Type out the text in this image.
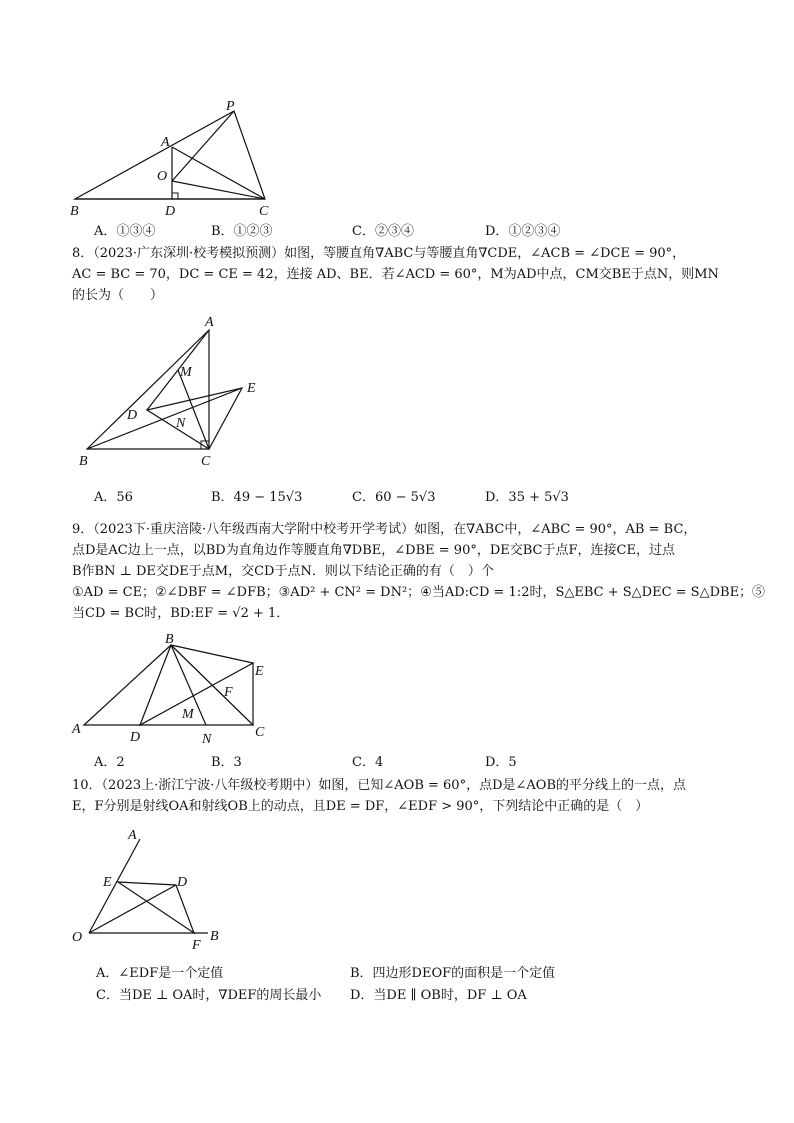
P
A
O
B	D	C
A．①③④	B．①②③	C．②③④	D．①②③④
8．（2023·广东深圳·校考模拟预测）如图，等腰直角∇ABC与等腰直角∇CDE，∠ACB = ∠DCE = 90°，
AC = BC = 70，DC = CE = 42，连接 AD、BE．若∠ACD = 60°，M为AD中点，CM交BE于点N，则MN
的长为（　　）
A
M
E
D
N
B	C
A．56	B．49 − 15√3	C．60 − 5√3	D．35 + 5√3
9．（2023下·重庆涪陵·八年级西南大学附中校考开学考试）如图，在∇ABC中，∠ABC = 90°，AB = BC，
点D是AC边上一点，以BD为直角边作等腰直角∇DBE，∠DBE = 90°，DE交BC于点F，连接CE，过点
B作BN ⊥ DE交DE于点M，交CD于点N．则以下结论正确的有（　）个
①AD = CE；②∠DBF = ∠DFB；③AD² + CN² = DN²；④当AD:CD = 1:2时，S△EBC + S△DEC = S△DBE；⑤
当CD = BC时，BD:EF = √2 + 1．
B
E
F
M
A
D	N	C
A．2	B．3	C．4	D．5
10．（2023上·浙江宁波·八年级校考期中）如图，已知∠AOB = 60°，点D是∠AOB的平分线上的一点，点
E，F分别是射线OA和射线OB上的动点，且DE = DF，∠EDF > 90°，下列结论中正确的是（　）
A
E	D
O
F
B
A．∠EDF是一个定值	B．四边形DEOF的面积是一个定值
C．当DE ⊥ OA时，∇DEF的周长最小 D．当DE ∥ OB时，DF ⊥ OA
